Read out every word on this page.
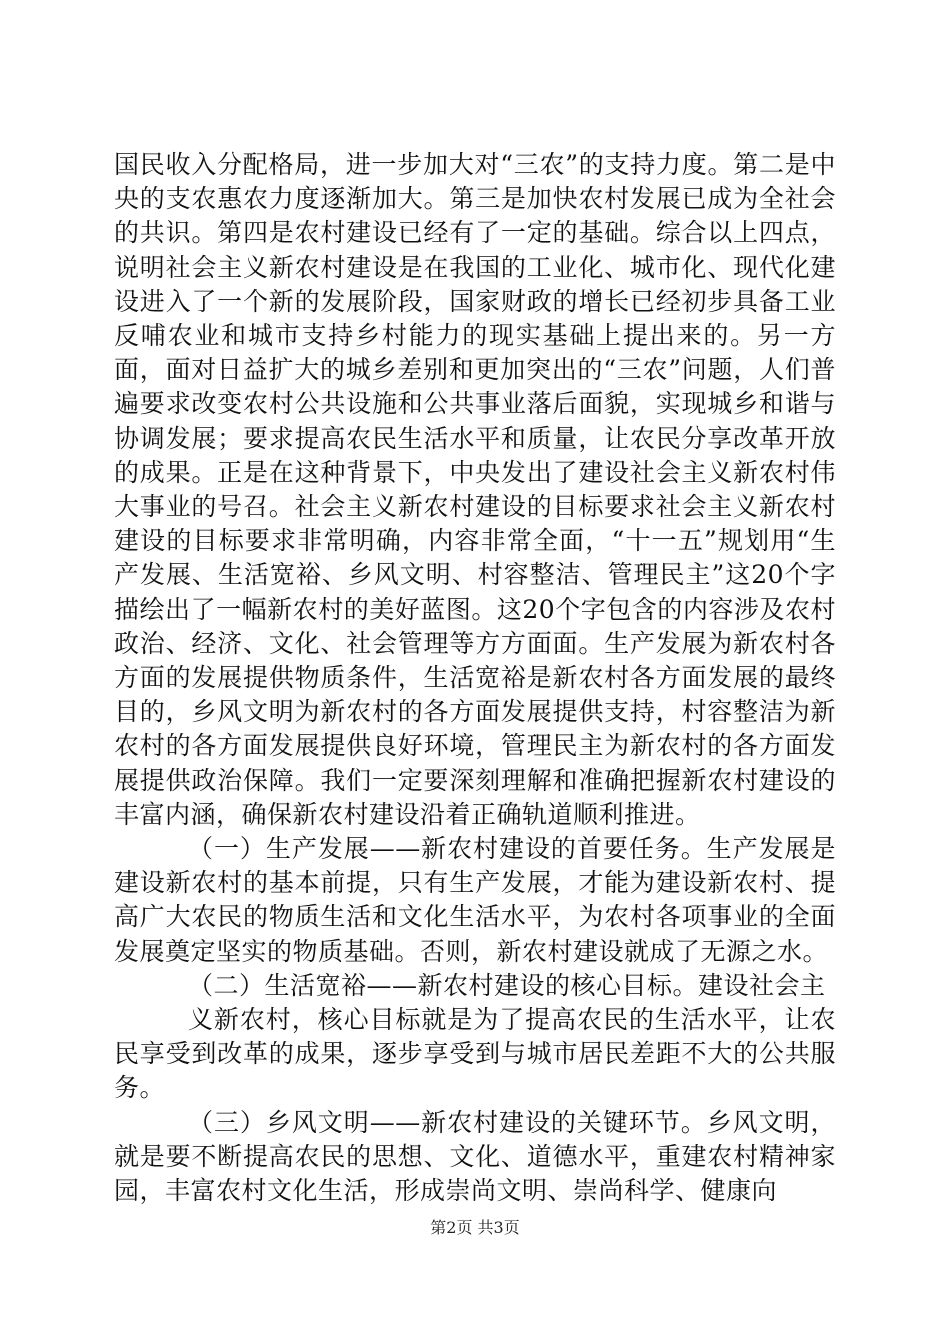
国民收入分配格局，进一步加大对“三农”的支持力度。第二是中央的支农惠农力度逐渐加大。第三是加快农村发展已成为全社会的共识。第四是农村建设已经有了一定的基础。综合以上四点，说明社会主义新农村建设是在我国的工业化、城市化、现代化建设进入了一个新的发展阶段，国家财政的增长已经初步具备工业反哺农业和城市支持乡村能力的现实基础上提出来的。另一方面，面对日益扩大的城乡差别和更加突出的“三农”问题，人们普遍要求改变农村公共设施和公共事业落后面貌，实现城乡和谐与协调发展；要求提高农民生活水平和质量，让农民分享改革开放的成果。正是在这种背景下，中央发出了建设社会主义新农村伟大事业的号召。社会主义新农村建设的目标要求社会主义新农村建设的目标要求非常明确，内容非常全面，“十一五”规划用“生产发展、生活宽裕、乡风文明、村容整洁、管理民主”这20个字描绘出了一幅新农村的美好蓝图。这20个字包含的内容涉及农村政治、经济、文化、社会管理等方方面面。生产发展为新农村各方面的发展提供物质条件，生活宽裕是新农村各方面发展的最终目的，乡风文明为新农村的各方面发展提供支持，村容整洁为新农村的各方面发展提供良好环境，管理民主为新农村的各方面发展提供政治保障。我们一定要深刻理解和准确把握新农村建设的丰富内涵，确保新农村建设沿着正确轨道顺利推进。

（一）生产发展——新农村建设的首要任务。生产发展是建设新农村的基本前提，只有生产发展，才能为建设新农村、提高广大农民的物质生活和文化生活水平，为农村各项事业的全面发展奠定坚实的物质基础。否则，新农村建设就成了无源之水。

（二）生活宽裕——新农村建设的核心目标。建设社会主

义新农村，核心目标就是为了提高农民的生活水平，让农民享受到改革的成果，逐步享受到与城市居民差距不大的公共服务。

（三）乡风文明——新农村建设的关键环节。乡风文明，就是要不断提高农民的思想、文化、道德水平，重建农村精神家园，丰富农村文化生活，形成崇尚文明、崇尚科学、健康向

第2页 共3页
